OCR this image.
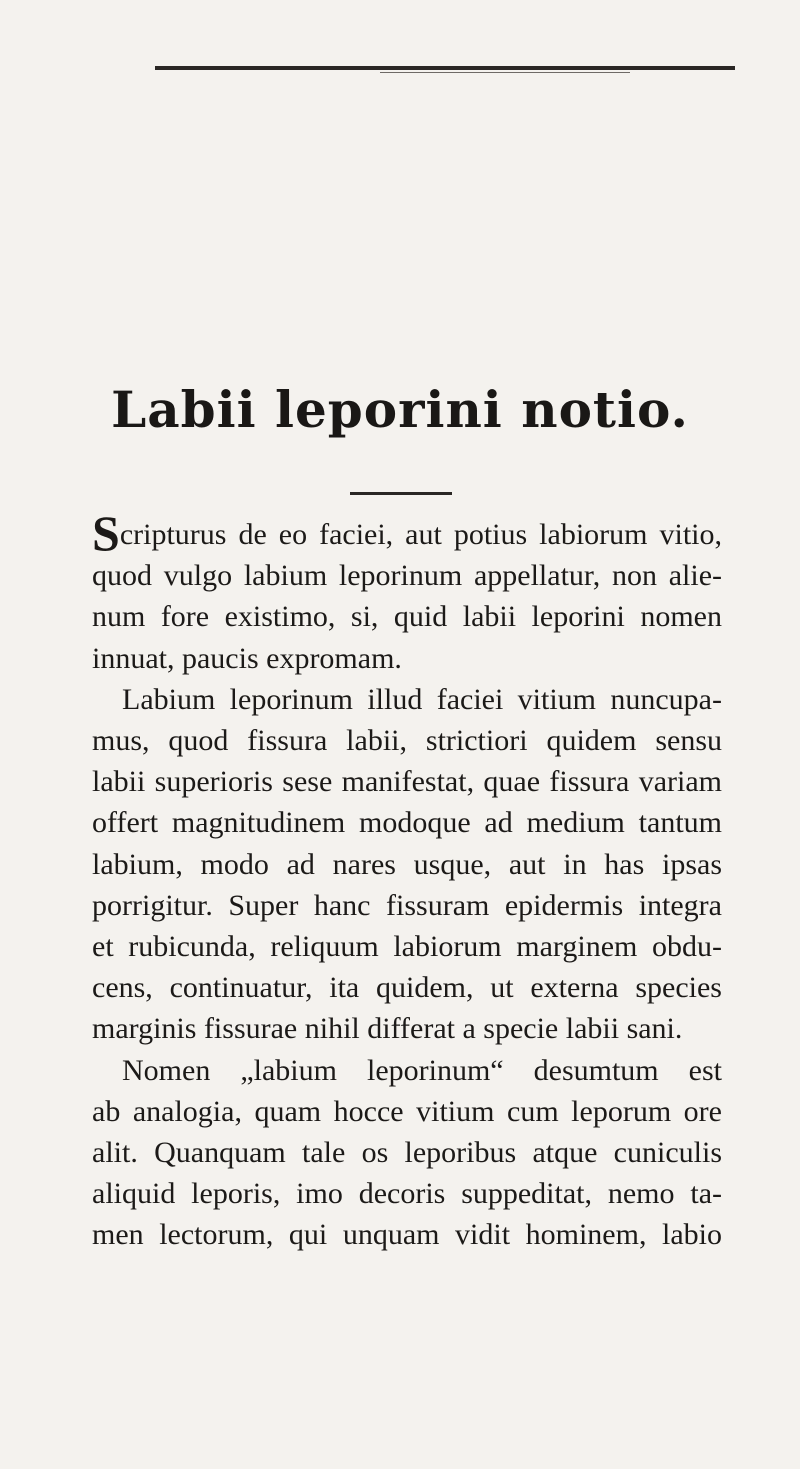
Labii leporini notio.

Scripturus de eo faciei, aut potius labiorum vitio,

quod vulgo labium leporinum appellatur, non alie-

num fore existimo, si, quid labii leporini nomen

innuat, paucis expromam.

Labium leporinum illud faciei vitium nuncupa-

mus, quod fissura labii, strictiori quidem sensu

labii superioris sese manifestat, quae fissura variam

offert magnitudinem modoque ad medium tantum

labium, modo ad nares usque, aut in has ipsas

porrigitur. Super hanc fissuram epidermis integra

et rubicunda, reliquum labiorum marginem obdu-

cens, continuatur, ita quidem, ut externa species

marginis fissurae nihil differat a specie labii sani.

Nomen „labium leporinum“ desumtum est

ab analogia, quam hocce vitium cum leporum ore

alit. Quanquam tale os leporibus atque cuniculis

aliquid leporis, imo decoris suppeditat, nemo ta-

men lectorum, qui unquam vidit hominem, labio
